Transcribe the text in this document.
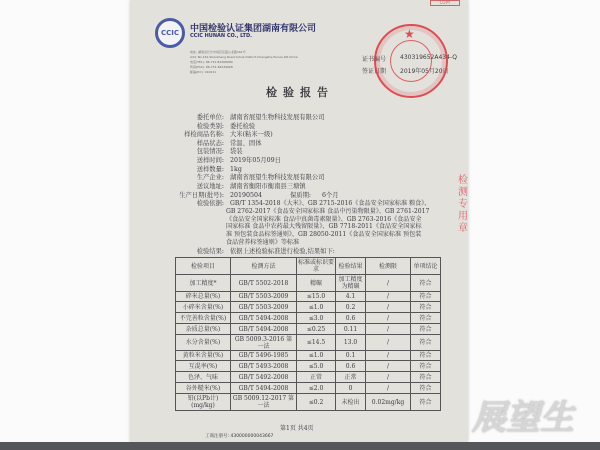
CCIC 中国检验认证集团湖南有限公司
CCIC HUNAN CO., LTD.
地址: 湖南省长沙市雨花区韶山北路161号
Add: No.161,Shaoshang Road,Yuhua District,Changsha,Hunan,P.R.China
电话(TEL): 86-731-82268089
传真(FAX): 86-731-82239668
邮编(P.C): 410021
COPY
证书编号 430319652A434-Q
签证日期 2019年05月20日
★
检验报告
委托单位: 湖南省展望生物科技发展有限公司
检验类别: 委托检验
样检商品名称: 大米(粘米一级)
样品状态: 常温、固体
包装情况: 袋装
送样时间: 2019年05月09日
送样数量: 1kg
生产企业: 湖南省展望生物科技发展有限公司
送议地址: 湖南省衡阳市衡南县三塘镇
生产日期(批号): 20190504	保质期: 6个月
检验依据: GB/T 1354-2018《大米》、GB 2715-2016《食品安全国家标准 粮食》、
GB 2762-2017《食品安全国家标准 食品中污染物限量》、GB 2761-2017
《食品安全国家标准 食品中真菌毒素限量》、GB 2763-2016《食品安全
国家标准 食品中农药最大残留限量》、GB 7718-2011《食品安全国家标
准 预包装食品标签通则》、GB 28050-2011《食品安全国家标准 预包装
食品营养标签通则》等标准
检验结果: 依据上述检验标准进行检验,结果如下:
检验项目	检测方法	标准或标识要求	检验结果	检测限	单项结论
加工精度*	GB/T 5502-2018	精碾	加工精度为精碾	/	符合
碎米总量(%)	GB/T 5503-2009	≤15.0	4.1	/	符合
小碎米含量(%)	GB/T 5503-2009	≤1.0	0.2	/	符合
不完善粒含量(%)	GB/T 5494-2008	≤3.0	0.6	/	符合
杂质总量(%)	GB/T 5494-2008	≤0.25	0.11	/	符合
水分含量(%)	GB 5009.3-2016 第一法	≤14.5	13.0	/	符合
黄粒米含量(%)	GB/T 5496-1985	≤1.0	0.1	/	符合
互混率(%)	GB/T 5493-2008	≤5.0	0.6	/	符合
色泽、气味	GB/T 5492-2008	正常	正常	/	符合
谷外糙米(%)	GB/T 5494-2008	≤2.0	0	/	符合
铅(以Pb计)(mg/kg)	GB 5009.12-2017 第一法	≤0.2	未检出	0.02mg/kg	符合
检
测
专
用
章
展望生
第1页 共4页
工商注册号: 430000000043667
